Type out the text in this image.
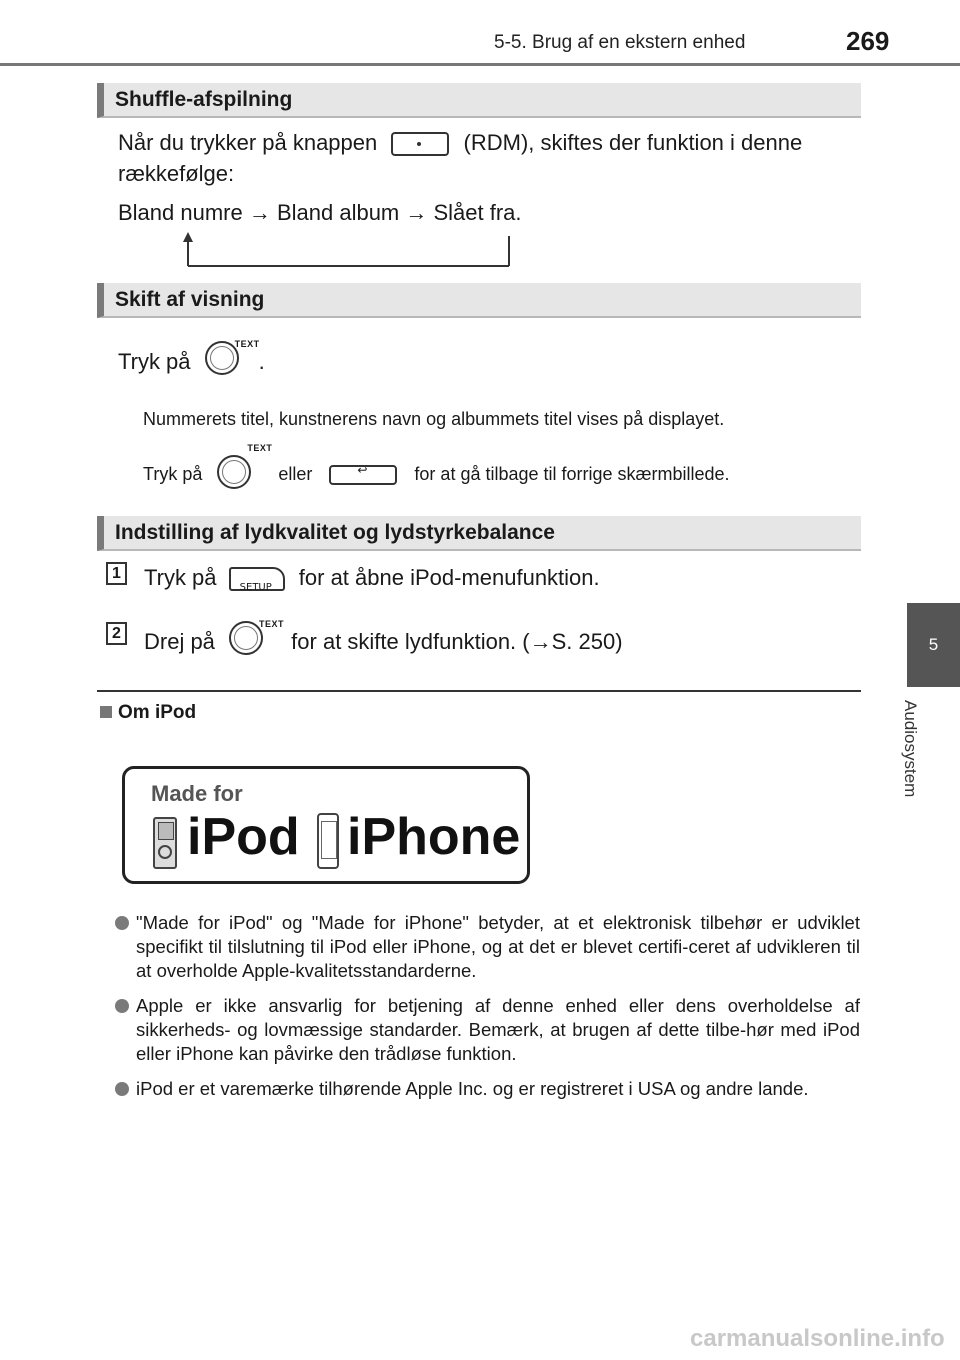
5-5. Brug af en ekstern enhed	269
5
Audiosystem
Shuffle-afspilning
Når du trykker på knappen	(RDM), skiftes der funktion i denne
rækkefølge:
Bland numre → Bland album → Slået fra.
Skift af visning
Tryk på
TEXT
.
Nummerets titel, kunstnerens navn og albummets titel vises på displayet.
Tryk på
TEXT
eller	↩	for at gå tilbage til forrige skærmbillede.
Indstilling af lydkvalitet og lydstyrkebalance
1 Tryk på SETUP for at åbne iPod-menufunktion.
2 Drej på
TEXT
for at skifte lydfunktion. (→S. 250)
Om iPod
Made for
iPod iPhone
"Made for iPod" og "Made for iPhone" betyder, at et elektronisk tilbehør er udviklet specifikt til tilslutning til iPod eller iPhone, og at det er blevet certifi-ceret af udvikleren til at overholde Apple-kvalitetsstandarderne.
Apple er ikke ansvarlig for betjening af denne enhed eller dens overholdelse af sikkerheds- og lovmæssige standarder. Bemærk, at brugen af dette tilbe-hør med iPod eller iPhone kan påvirke den trådløse funktion.
iPod er et varemærke tilhørende Apple Inc. og er registreret i USA og andre lande.
carmanualsonline.info
